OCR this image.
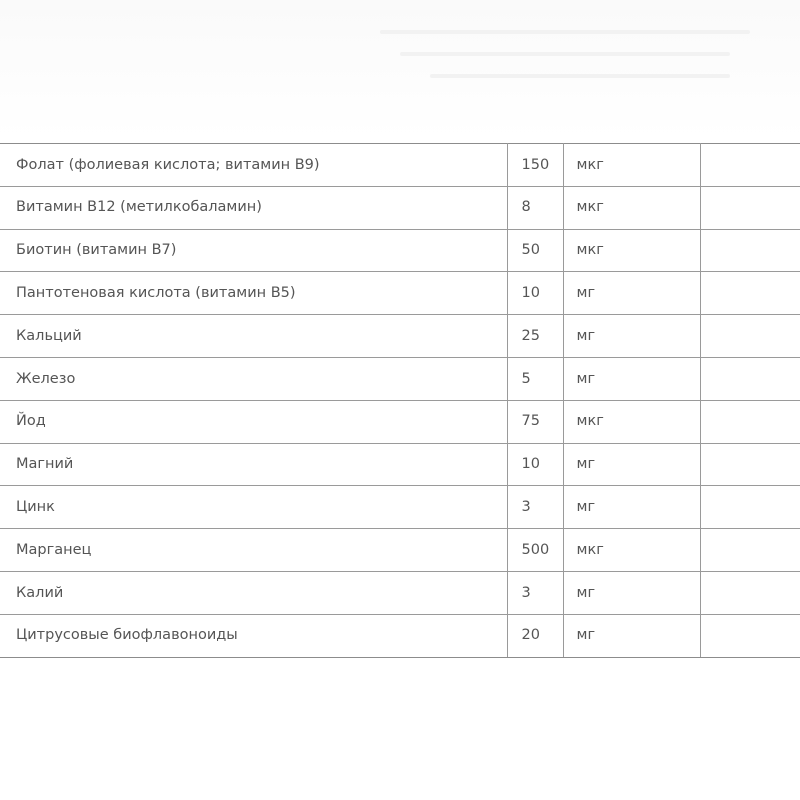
Фолат (фолиевая кислота; витамин B9)	150	мкг	
Витамин B12 (метилкобаламин)	8	мкг	
Биотин (витамин B7)	50	мкг	
Пантотеновая кислота (витамин B5)	10	мг	
Кальций	25	мг	
Железо	5	мг	
Йод	75	мкг	
Магний	10	мг	
Цинк	3	мг	
Марганец	500	мкг	
Калий	3	мг	
Цитрусовые биофлавоноиды	20	мг	
